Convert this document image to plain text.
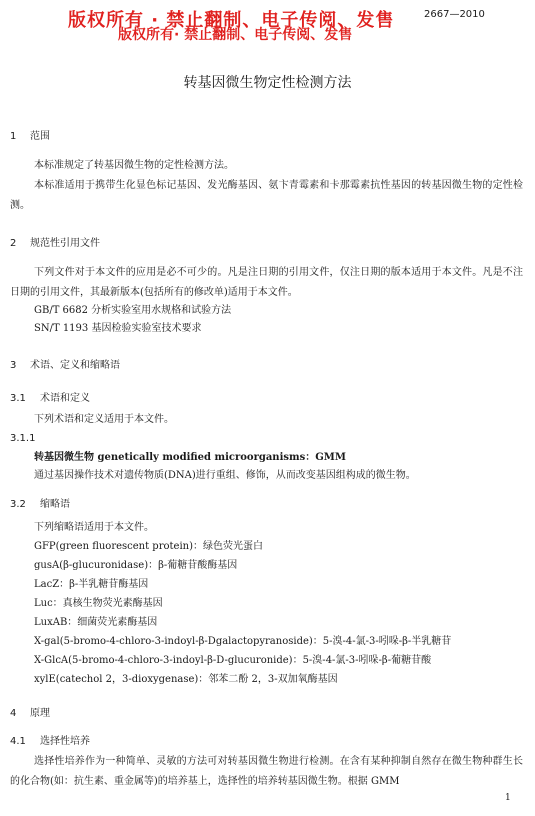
版权所有 · 禁止翻制、电子传阅、发售
版权所有· 禁止翻制、电子传阅、发售
2667—2010
转基因微生物定性检测方法
1 范围
本标准规定了转基因微生物的定性检测方法。
本标准适用于携带生化显色标记基因、发光酶基因、氨卞青霉素和卡那霉素抗性基因的转基因微生物的定性检测。
2 规范性引用文件
下列文件对于本文件的应用是必不可少的。凡是注日期的引用文件，仅注日期的版本适用于本文件。凡是不注日期的引用文件，其最新版本(包括所有的修改单)适用于本文件。
GB/T 6682 分析实验室用水规格和试验方法
SN/T 1193 基因检验实验室技术要求
3 术语、定义和缩略语
3.1 术语和定义
下列术语和定义适用于本文件。
3.1.1
转基因微生物 genetically modified microorganisms：GMM
通过基因操作技术对遗传物质(DNA)进行重组、修饰，从而改变基因组构成的微生物。
3.2 缩略语
下列缩略语适用于本文件。
GFP(green fluorescent protein)：绿色荧光蛋白
gusA(β-glucuronidase)：β-葡糖苷酸酶基因
LacZ：β-半乳糖苷酶基因
Luc：真核生物荧光素酶基因
LuxAB：细菌荧光素酶基因
X-gal(5-bromo-4-chloro-3-indoyl-β-Dgalactopyranoside)：5-溴-4-氯-3-吲哚-β-半乳糖苷
X-GlcA(5-bromo-4-chloro-3-indoyl-β-D-glucuronide)：5-溴-4-氯-3-吲哚-β-葡糖苷酸
xylE(catechol 2，3-dioxygenase)：邻苯二酚 2，3-双加氧酶基因
4 原理
4.1 选择性培养
选择性培养作为一种简单、灵敏的方法可对转基因微生物进行检测。在含有某种抑制自然存在微生物种群生长的化合物(如：抗生素、重金属等)的培养基上，选择性的培养转基因微生物。根据 GMM
1
